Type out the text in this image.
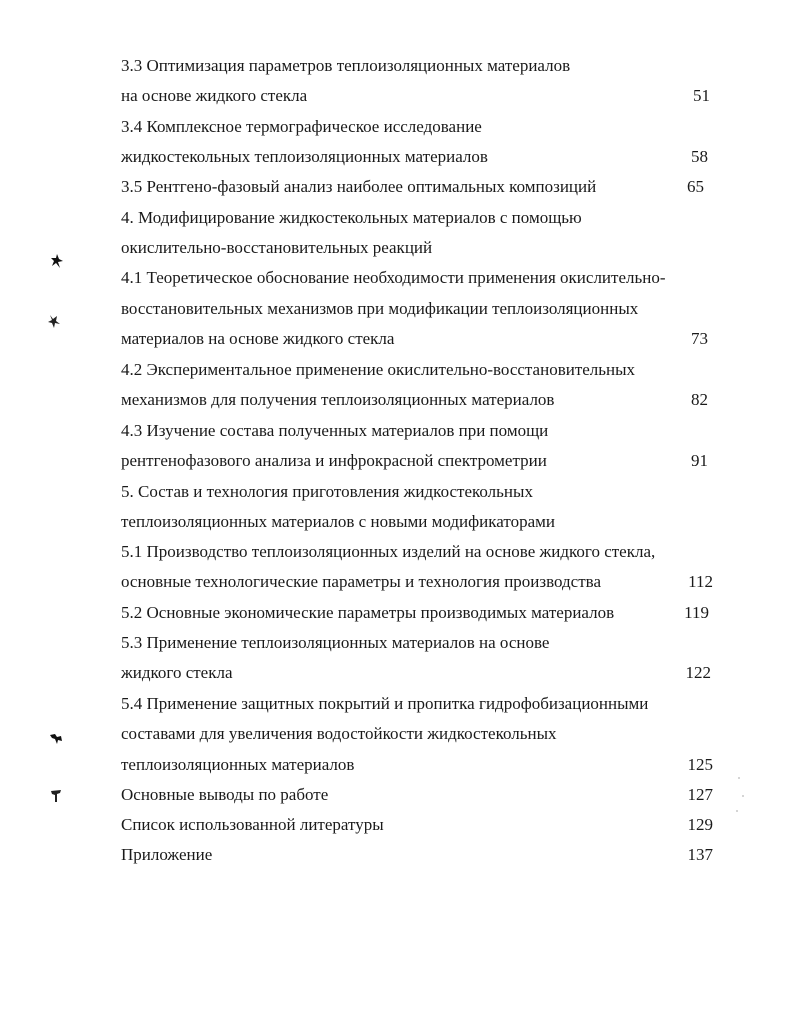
3.3 Оптимизация параметров теплоизоляционных материалов
на основе жидкого стекла
3.4 Комплексное термографическое исследование
жидкостекольных теплоизоляционных материалов
3.5 Рентгено-фазовый анализ наиболее оптимальных композиций
4. Модифицирование жидкостекольных материалов с помощью
окислительно-восстановительных реакций
4.1 Теоретическое обоснование необходимости применения окислительно-
восстановительных механизмов при модификации теплоизоляционных
материалов на основе жидкого стекла
4.2 Экспериментальное применение окислительно-восстановительных
механизмов для получения теплоизоляционных материалов
4.3 Изучение состава полученных материалов при помощи
рентгенофазового анализа и инфрокрасной спектрометрии
5. Состав и технология приготовления жидкостекольных
теплоизоляционных материалов с новыми модификаторами
5.1 Производство теплоизоляционных изделий на основе жидкого стекла,
основные технологические параметры и технология производства
5.2 Основные экономические параметры производимых материалов
5.3 Применение теплоизоляционных материалов на основе
жидкого стекла
5.4 Применение защитных покрытий и пропитка гидрофобизационными
составами для увеличения водостойкости жидкостекольных
теплоизоляционных материалов
Основные выводы по работе
Список использованной литературы
Приложение
51
58
65
73
82
91
112
119
122
125
127
129
137
